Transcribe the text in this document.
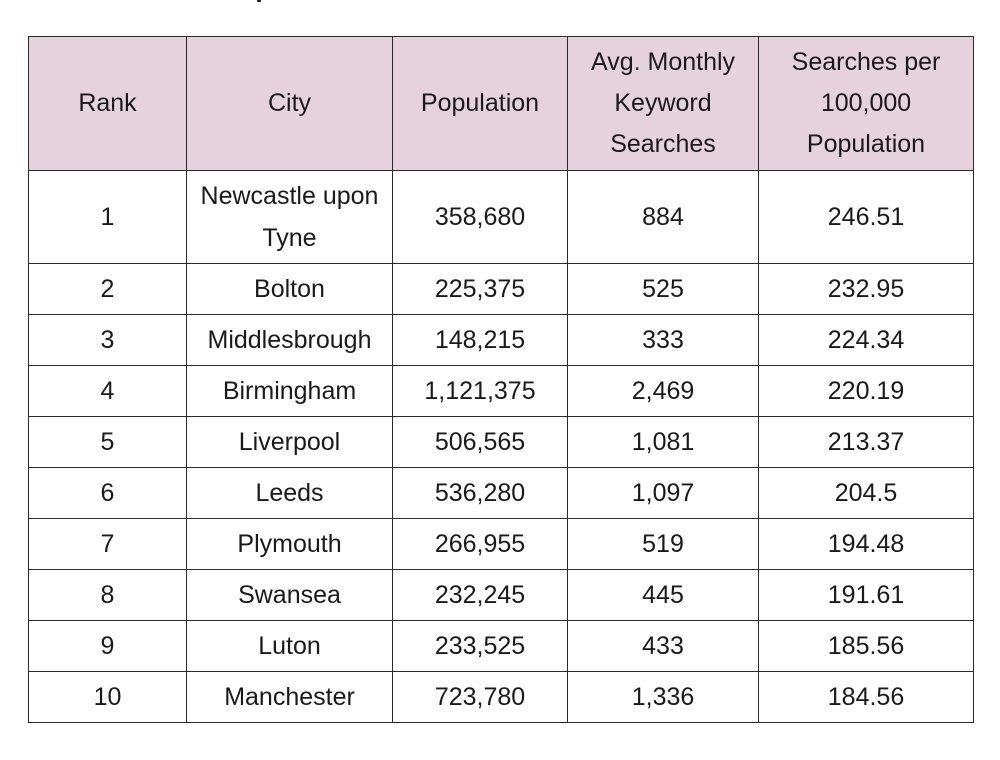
Rank	City	Population	Avg. Monthly Keyword Searches	Searches per 100,000 Population
1	Newcastle upon Tyne	358,680	884	246.51
2	Bolton	225,375	525	232.95
3	Middlesbrough	148,215	333	224.34
4	Birmingham	1,121,375	2,469	220.19
5	Liverpool	506,565	1,081	213.37
6	Leeds	536,280	1,097	204.5
7	Plymouth	266,955	519	194.48
8	Swansea	232,245	445	191.61
9	Luton	233,525	433	185.56
10	Manchester	723,780	1,336	184.56
